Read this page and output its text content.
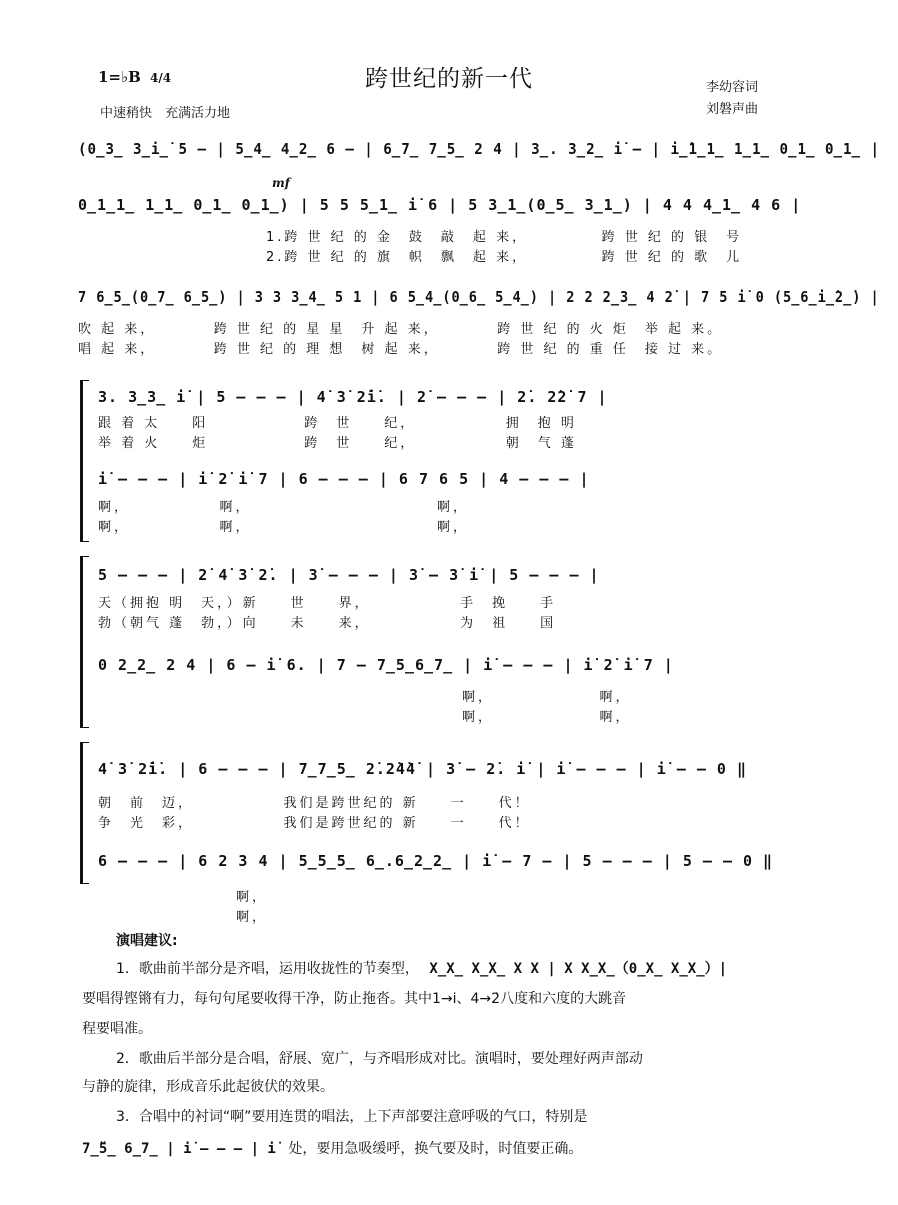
1=♭B 4/4	跨世纪的新一代
中速稍快　充满活力地
李幼容词
刘磐声曲
(0̲3̲ 3̲i̲̇ 5 – | 5̲4̲ 4̲2̲ 6 – | 6̲7̲ 7̲5̲ 2 4 | 3̲. 3̲2̲ i̇ – | i̲̇1̲1̲ 1̲1̲ 0̲1̲ 0̲1̲ |
mf
0̲1̲1̲ 1̲1̲ 0̲1̲ 0̲1̲) | 5 5 5̲1̲ i̇ 6 | 5 3̲1̲(0̲5̲ 3̲1̲) | 4 4 4̲1̲ 4 6 |
1.跨 世 纪 的 金　鼓　敲　起 来，　　　　　跨 世 纪 的 银　号
2.跨 世 纪 的 旗　帜　飘　起 来，　　　　　跨 世 纪 的 歌　儿
7 6̲5̲(0̲7̲ 6̲5̲) | 3 3 3̲4̲ 5 1 | 6 5̲4̲(0̲6̲ 5̲4̲) | 2 2 2̲3̲ 4 2̇ | 7 5 i̇ 0 (5̲6̲i̲̇2̲̇) |
吹 起 来，　　　　跨 世 纪 的 星 星　升 起 来，　　　　跨 世 纪 的 火 炬　举 起 来。
唱 起 来，　　　　跨 世 纪 的 理 想　树 起 来，　　　　跨 世 纪 的 重 任　接 过 来。
3. 3̲3̲ i̇ | 5 – – – | 4̇ 3̇ 2̇i̇. | 2̇ – – – | 2̇. 2̇2̇ 7 |
跟 着 太　　阳　　　　　　跨　世　　纪，　　　　　　拥　抱 明
举 着 火　　炬　　　　　　跨　世　　纪，　　　　　　朝　气 蓬
i̇ – – – | i̇ 2̇ i̇ 7 | 6 – – – | 6 7 6 5 | 4 – – – |
啊，　　　　　　啊，　　　　　　　　　　　　啊，
啊，　　　　　　啊，　　　　　　　　　　　　啊，
5 – – – | 2̇ 4̇ 3̇ 2̇. | 3̇ – – – | 3̇ – 3̇ i̇ | 5 – – – |
天（拥抱 明　天，）新　　世　　界，　　　　　　手　挽　　手
勃（朝气 蓬　勃，）向　　未　　来，　　　　　　为　祖　　国
0 2̲2̲ 2 4 | 6 – i̇ 6. | 7 – 7̲5̲6̲7̲ | i̇ – – – | i̇ 2̇ i̇ 7 |
啊，　　　　　　　啊，
啊，　　　　　　　啊，
4̇ 3̇ 2̇i̇. | 6 – – – | 7̲7̲5̲ 2̇.2̇4̇4̇ | 3̇ – 2̇. i̇ | i̇ – – – | i̇ – – 0 ‖
朝　前　迈，　　　　　　我们是跨世纪的 新　　一　　代！
争　光　彩，　　　　　　我们是跨世纪的 新　　一　　代！
6 – – – | 6 2 3 4 | 5̲5̲5̲ 6̲.6̲2̲2̲ | i̇ – 7 – | 5 – – – | 5 – – 0 ‖
啊，
啊，
演唱建议:
1．歌曲前半部分是齐唱，运用收拢性的节奏型， X̲X̲ X̲X̲ X X | X X̲X̲（0̲X̲ X̲X̲）|
要唱得铿锵有力，每句句尾要收得干净，防止拖沓。其中1→i̇、4→2̇八度和六度的大跳音
程要唱准。
2．歌曲后半部分是合唱，舒展、宽广，与齐唱形成对比。演唱时，要处理好两声部动
与静的旋律，形成音乐此起彼伏的效果。
3．合唱中的衬词“啊”要用连贯的唱法，上下声部要注意呼吸的气口，特别是
7̲̌5̲ 6̲7̲ | i̇ – – – | i̇ 处，要用急吸缓呼，换气要及时，时值要正确。
